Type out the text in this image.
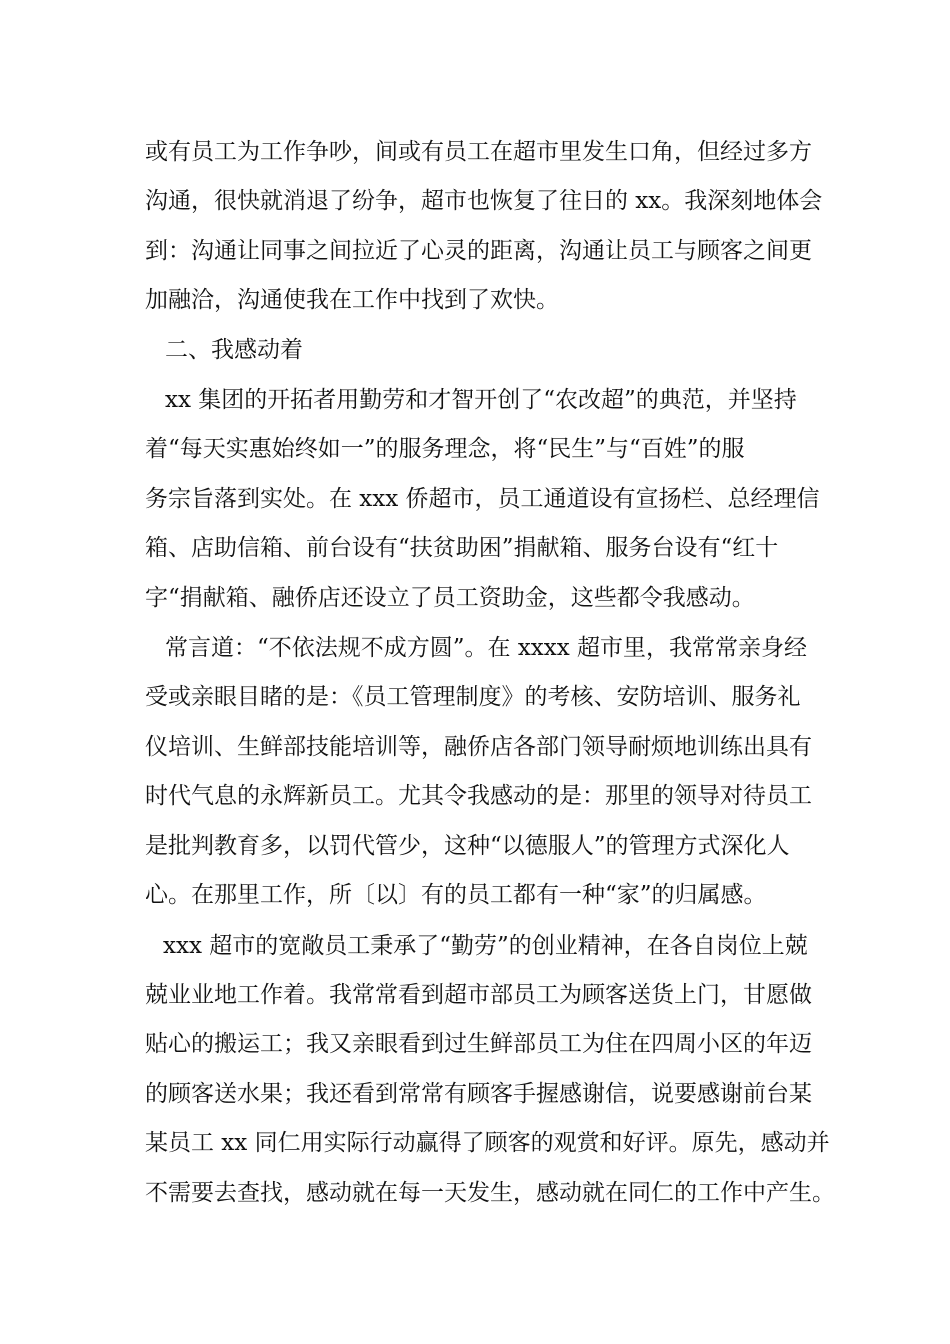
或有员工为工作争吵，间或有员工在超市里发生口角，但经过多方
沟通，很快就消退了纷争，超市也恢复了往日的 xx。我深刻地体会
到：沟通让同事之间拉近了心灵的距离，沟通让员工与顾客之间更
加融洽，沟通使我在工作中找到了欢快。
二、我感动着
xx 集团的开拓者用勤劳和才智开创了“农改超”的典范，并坚持
着“每天实惠始终如一”的服务理念，将“民生”与“百姓”的服
务宗旨落到实处。在 xxx 侨超市，员工通道设有宣扬栏、总经理信
箱、店助信箱、前台设有“扶贫助困”捐献箱、服务台设有“红十
字“捐献箱、融侨店还设立了员工资助金，这些都令我感动。
常言道：“不依法规不成方圆”。在 xxxx 超市里，我常常亲身经
受或亲眼目睹的是：《员工管理制度》的考核、安防培训、服务礼
仪培训、生鲜部技能培训等，融侨店各部门领导耐烦地训练出具有
时代气息的永辉新员工。尤其令我感动的是：那里的领导对待员工
是批判教育多，以罚代管少，这种“以德服人”的管理方式深化人
心。在那里工作，所〔以〕有的员工都有一种“家”的归属感。
xxx 超市的宽敞员工秉承了“勤劳”的创业精神，在各自岗位上兢
兢业业地工作着。我常常看到超市部员工为顾客送货上门，甘愿做
贴心的搬运工；我又亲眼看到过生鲜部员工为住在四周小区的年迈
的顾客送水果；我还看到常常有顾客手握感谢信，说要感谢前台某
某员工 xx 同仁用实际行动赢得了顾客的观赏和好评。原先，感动并
不需要去查找，感动就在每一天发生，感动就在同仁的工作中产生。
